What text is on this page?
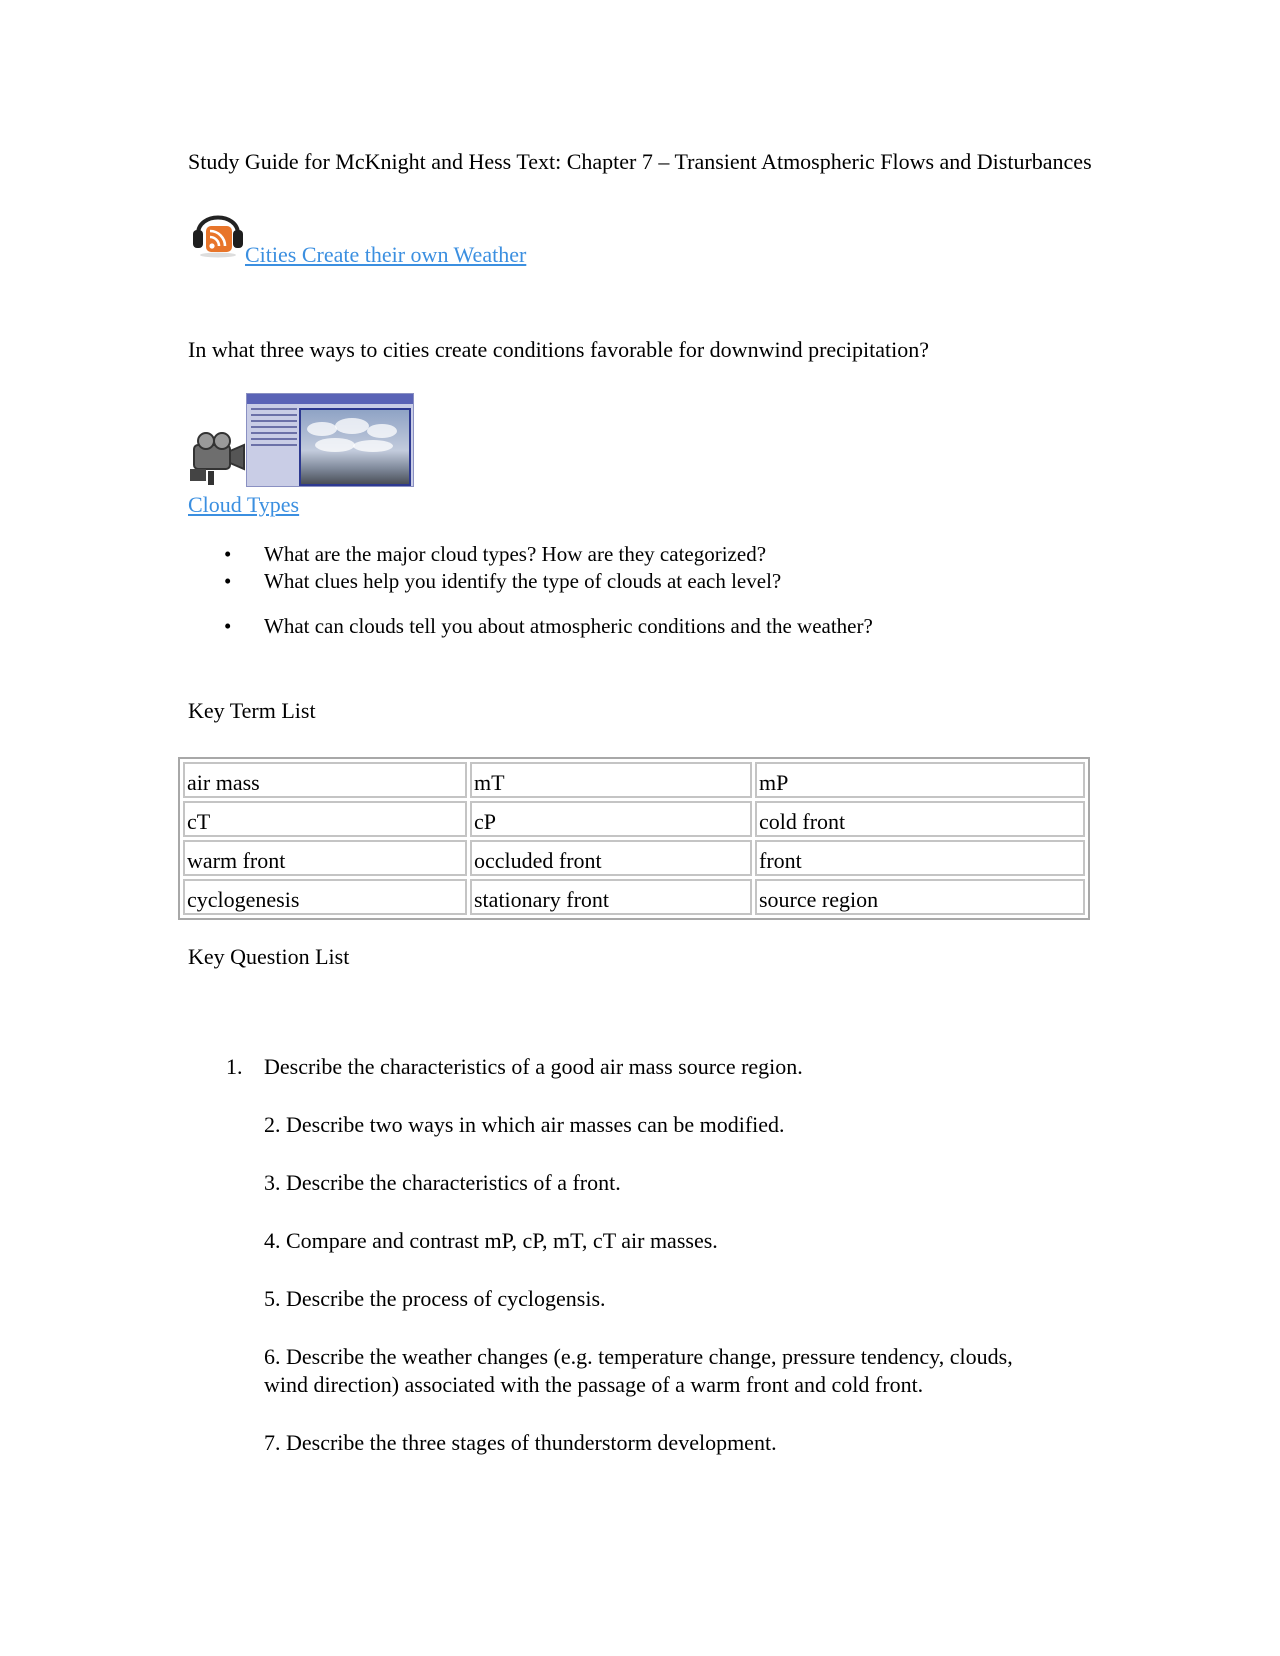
Study Guide for McKnight and Hess Text: Chapter 7 – Transient Atmospheric Flows and Disturbances

Cities Create their own Weather

In what three ways to cities create conditions favorable for downwind precipitation?

Cloud Types
• What are the major cloud types? How are they categorized?
• What clues help you identify the type of clouds at each level?
• What can clouds tell you about atmospheric conditions and the weather?

Key Term List

air mass	mT	mP
cT	cP	cold front
warm front	occluded front	front
cyclogenesis	stationary front	source region

Key Question List

1. Describe the characteristics of a good air mass source region.

2. Describe two ways in which air masses can be modified.
3. Describe the characteristics of a front.
4. Compare and contrast mP, cP, mT, cT air masses.
5. Describe the process of cyclogensis.
6. Describe the weather changes (e.g. temperature change, pressure tendency, clouds, wind direction) associated with the passage of a warm front and cold front.
7. Describe the three stages of thunderstorm development.
